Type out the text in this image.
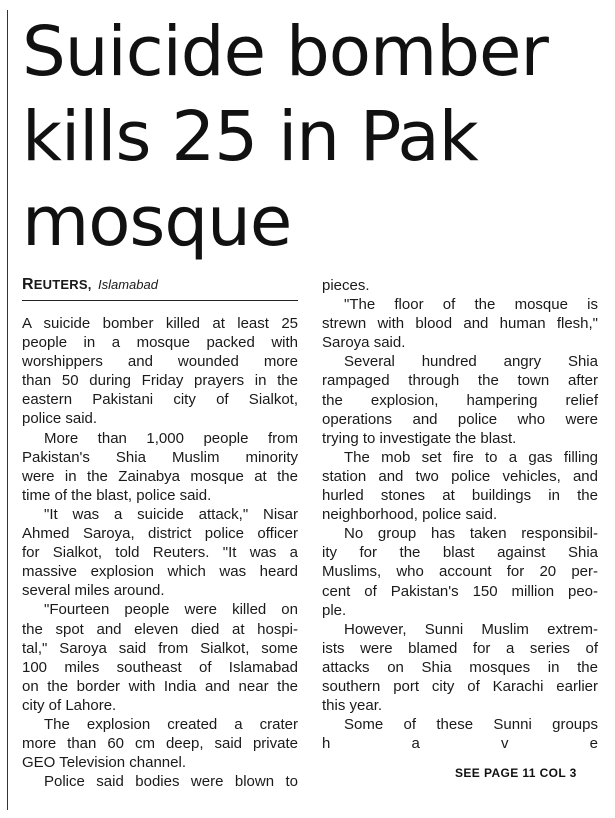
Suicide bomber
kills 25 in Pak
mosque
REUTERS, Islamabad
A suicide bomber killed at least 25
people in a mosque packed with
worshippers and wounded more
than 50 during Friday prayers in the
eastern Pakistani city of Sialkot,
police said.
More than 1,000 people from
Pakistan's Shia Muslim minority
were in the Zainabya mosque at the
time of the blast, police said.
"It was a suicide attack," Nisar
Ahmed Saroya, district police officer
for Sialkot, told Reuters. "It was a
massive explosion which was heard
several miles around.
"Fourteen people were killed on
the spot and eleven died at hospi-
tal," Saroya said from Sialkot, some
100 miles southeast of Islamabad
on the border with India and near the
city of Lahore.
The explosion created a crater
more than 60 cm deep, said private
GEO Television channel.
Police said bodies were blown to
pieces.
"The floor of the mosque is
strewn with blood and human flesh,"
Saroya said.
Several hundred angry Shia
rampaged through the town after
the explosion, hampering relief
operations and police who were
trying to investigate the blast.
The mob set fire to a gas filling
station and two police vehicles, and
hurled stones at buildings in the
neighborhood, police said.
No group has taken responsibil-
ity for the blast against Shia
Muslims, who account for 20 per-
cent of Pakistan's 150 million peo-
ple.
However, Sunni Muslim extrem-
ists were blamed for a series of
attacks on Shia mosques in the
southern port city of Karachi earlier
this year.
Some of these Sunni groups
h a v e
SEE PAGE 11 COL 3
